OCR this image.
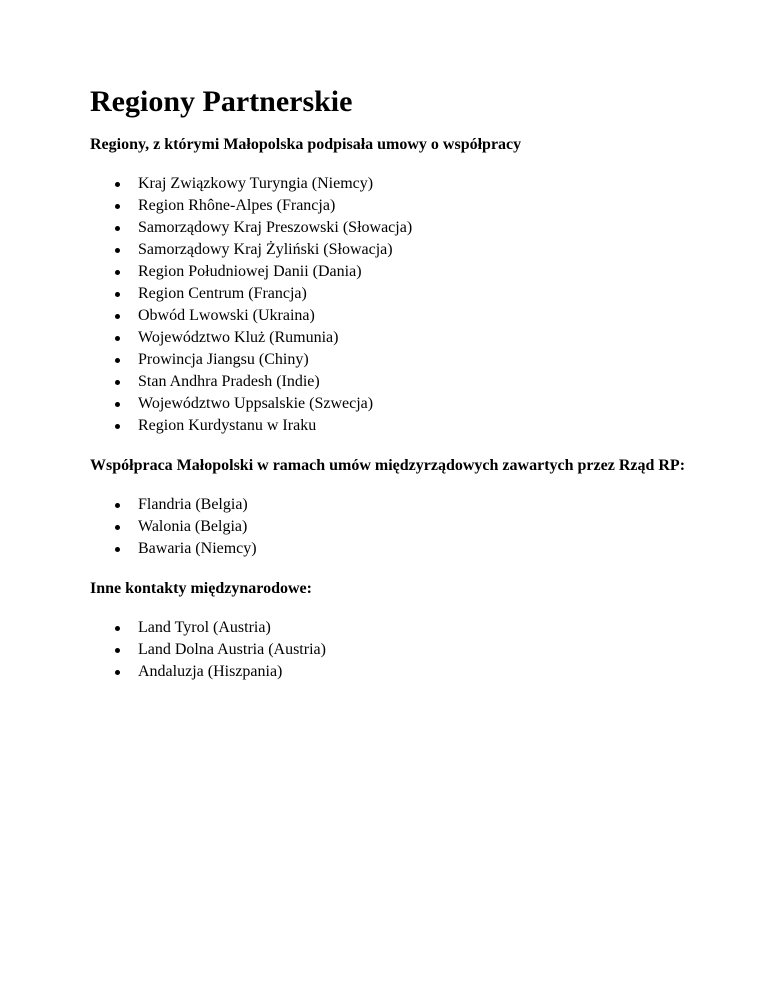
Regiony Partnerskie
Regiony, z którymi Małopolska podpisała umowy o współpracy
Kraj Związkowy Turyngia (Niemcy)
Region Rhône-Alpes (Francja)
Samorządowy Kraj Preszowski (Słowacja)
Samorządowy Kraj Żyliński (Słowacja)
Region Południowej Danii (Dania)
Region Centrum (Francja)
Obwód Lwowski (Ukraina)
Województwo Kluż (Rumunia)
Prowincja Jiangsu (Chiny)
Stan Andhra Pradesh (Indie)
Województwo Uppsalskie (Szwecja)
Region Kurdystanu w Iraku
Współpraca Małopolski w ramach umów międzyrządowych zawartych przez Rząd RP:
Flandria (Belgia)
Walonia (Belgia)
Bawaria (Niemcy)
Inne kontakty międzynarodowe:
Land Tyrol (Austria)
Land Dolna Austria (Austria)
Andaluzja (Hiszpania)
